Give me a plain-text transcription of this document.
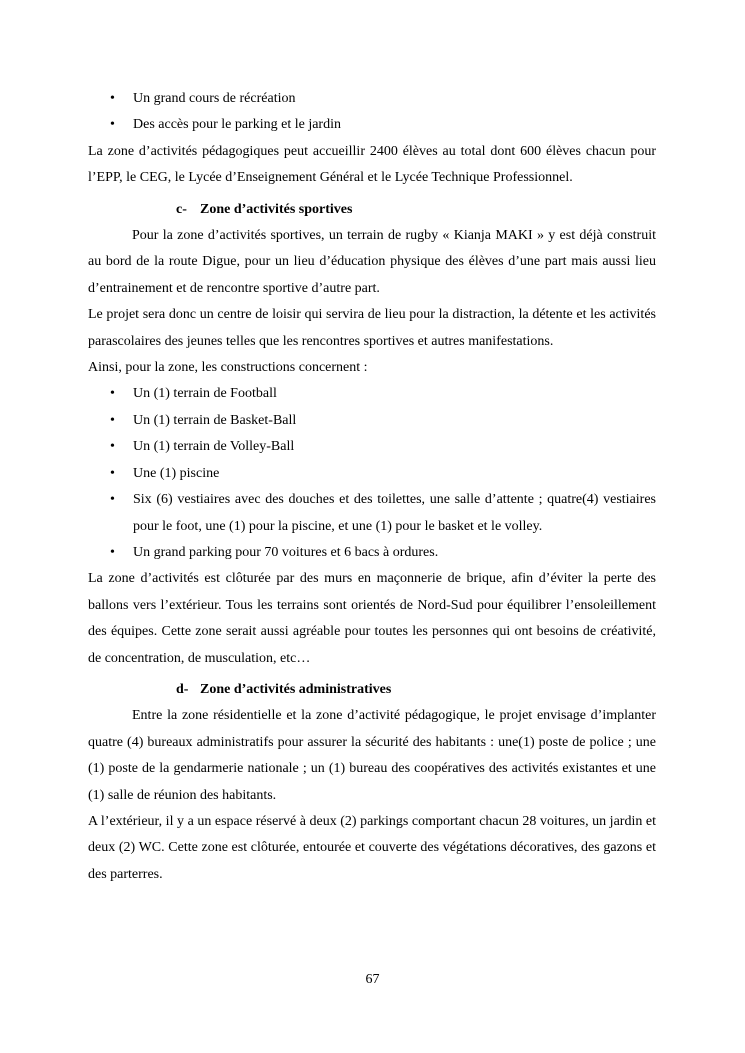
• Un grand cours de récréation
• Des accès pour le parking et le jardin

La zone d’activités pédagogiques peut accueillir 2400 élèves au total dont 600 élèves chacun pour l’EPP, le CEG, le Lycée d’Enseignement Général et le Lycée Technique Professionnel.

c- Zone d’activités sportives

Pour la zone d’activités sportives, un terrain de rugby « Kianja MAKI » y est déjà construit au bord de la route Digue, pour un lieu d’éducation physique des élèves d’une part mais aussi lieu d’entrainement et de rencontre sportive d’autre part.

Le projet sera donc un centre de loisir qui servira de lieu pour la distraction, la détente et les activités parascolaires des jeunes telles que les rencontres sportives et autres manifestations.

Ainsi, pour la zone, les constructions concernent :

• Un (1) terrain de Football
• Un (1) terrain de Basket-Ball
• Un (1) terrain de Volley-Ball
• Une (1) piscine
• Six (6) vestiaires avec des douches et des toilettes, une salle d’attente ; quatre(4) vestiaires pour le foot, une (1) pour la piscine, et une (1) pour le basket et le volley.
• Un grand parking pour 70 voitures et 6 bacs à ordures.

La zone d’activités est clôturée par des murs en maçonnerie de brique, afin d’éviter la perte des ballons vers l’extérieur. Tous les terrains sont orientés de Nord-Sud pour équilibrer l’ensoleillement des équipes. Cette zone serait aussi agréable pour toutes les personnes qui ont besoins de créativité, de concentration, de musculation, etc…

d- Zone d’activités administratives

Entre la zone résidentielle et la zone d’activité pédagogique, le projet envisage d’implanter quatre (4) bureaux administratifs pour assurer la sécurité des habitants : une(1) poste de police ; une (1) poste de la gendarmerie nationale ; un (1) bureau des coopératives des activités existantes et une (1) salle de réunion des habitants.

A l’extérieur, il y a un espace réservé à deux (2) parkings comportant chacun 28 voitures, un jardin et deux (2) WC. Cette zone est clôturée, entourée et couverte des végétations décoratives, des gazons et des parterres.

67
